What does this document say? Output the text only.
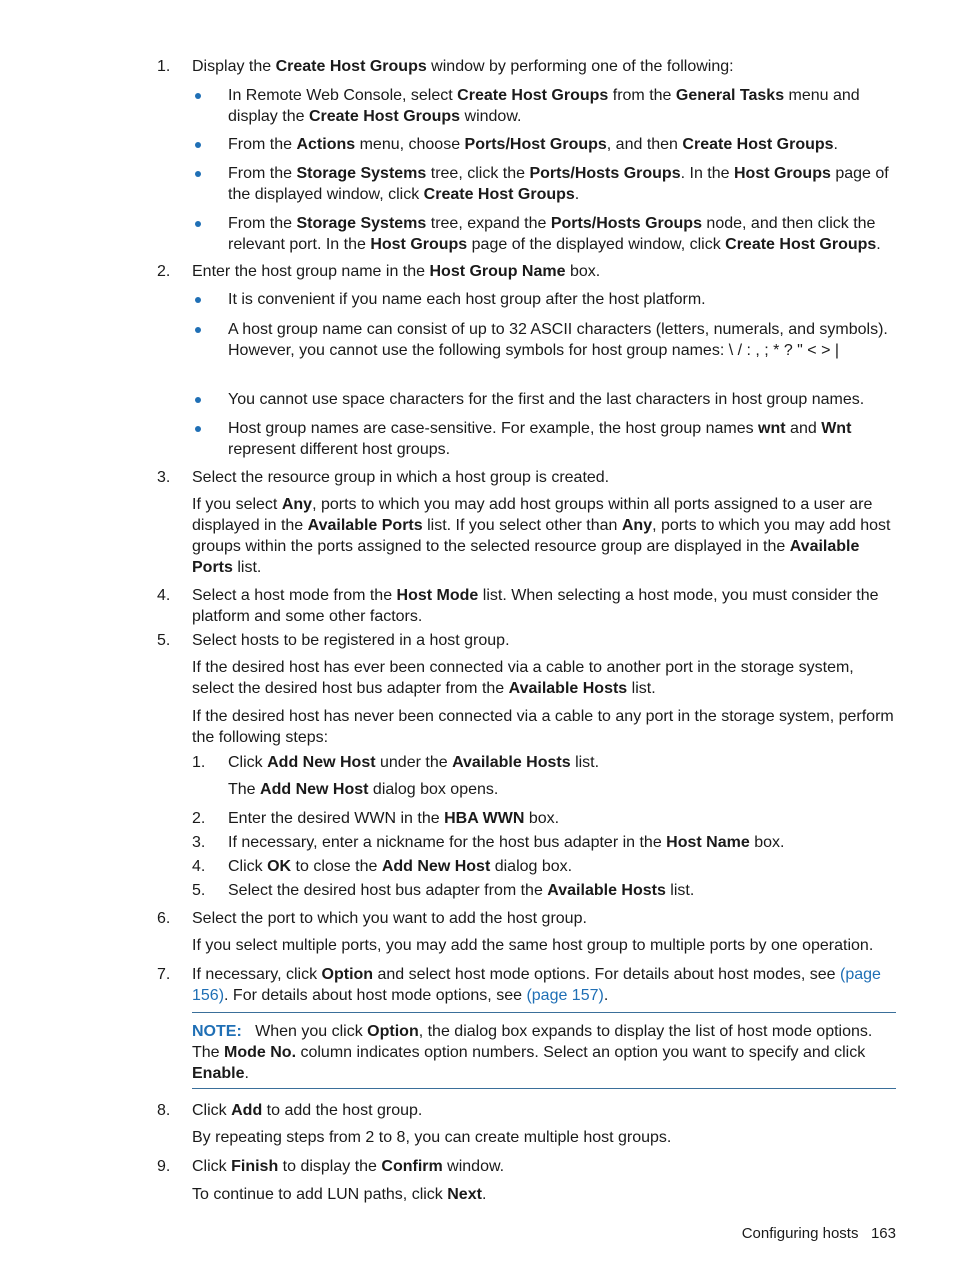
1. Display the Create Host Groups window by performing one of the following:
In Remote Web Console, select Create Host Groups from the General Tasks menu and display the Create Host Groups window.
From the Actions menu, choose Ports/Host Groups, and then Create Host Groups.
From the Storage Systems tree, click the Ports/Hosts Groups. In the Host Groups page of the displayed window, click Create Host Groups.
From the Storage Systems tree, expand the Ports/Hosts Groups node, and then click the relevant port. In the Host Groups page of the displayed window, click Create Host Groups.
2. Enter the host group name in the Host Group Name box.
It is convenient if you name each host group after the host platform.
A host group name can consist of up to 32 ASCII characters (letters, numerals, and symbols). However, you cannot use the following symbols for host group names: \ / : , ; * ? " < > |
You cannot use space characters for the first and the last characters in host group names.
Host group names are case-sensitive. For example, the host group names wnt and Wnt represent different host groups.
3. Select the resource group in which a host group is created.
If you select Any, ports to which you may add host groups within all ports assigned to a user are displayed in the Available Ports list. If you select other than Any, ports to which you may add host groups within the ports assigned to the selected resource group are displayed in the Available Ports list.
4. Select a host mode from the Host Mode list. When selecting a host mode, you must consider the platform and some other factors.
5. Select hosts to be registered in a host group.
If the desired host has ever been connected via a cable to another port in the storage system, select the desired host bus adapter from the Available Hosts list.
If the desired host has never been connected via a cable to any port in the storage system, perform the following steps:
1. Click Add New Host under the Available Hosts list.
The Add New Host dialog box opens.
2. Enter the desired WWN in the HBA WWN box.
3. If necessary, enter a nickname for the host bus adapter in the Host Name box.
4. Click OK to close the Add New Host dialog box.
5. Select the desired host bus adapter from the Available Hosts list.
6. Select the port to which you want to add the host group.
If you select multiple ports, you may add the same host group to multiple ports by one operation.
7. If necessary, click Option and select host mode options. For details about host modes, see (page 156). For details about host mode options, see (page 157).
NOTE: When you click Option, the dialog box expands to display the list of host mode options. The Mode No. column indicates option numbers. Select an option you want to specify and click Enable.
8. Click Add to add the host group.
By repeating steps from 2 to 8, you can create multiple host groups.
9. Click Finish to display the Confirm window.
To continue to add LUN paths, click Next.
Configuring hosts 163
